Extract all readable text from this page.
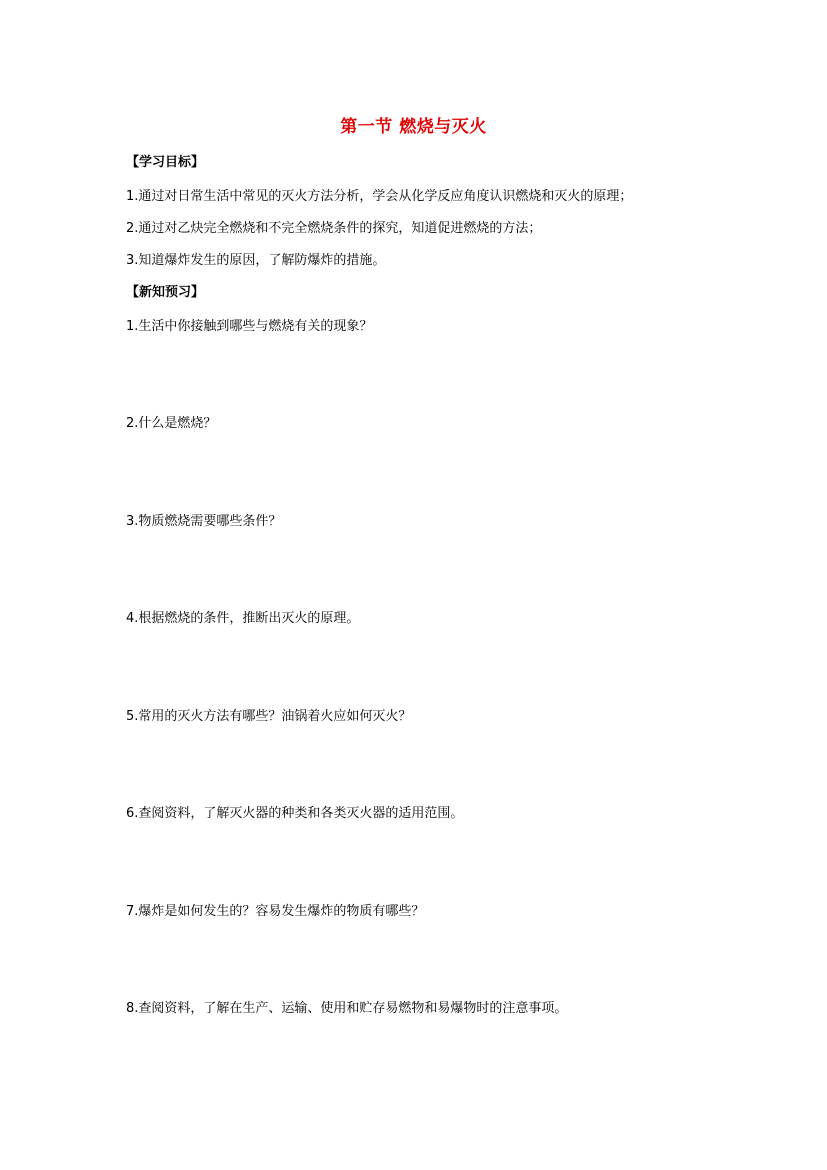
第一节 燃烧与灭火
【学习目标】
1.通过对日常生活中常见的灭火方法分析，学会从化学反应角度认识燃烧和灭火的原理；
2.通过对乙炔完全燃烧和不完全燃烧条件的探究，知道促进燃烧的方法；
3.知道爆炸发生的原因，了解防爆炸的措施。
【新知预习】
1.生活中你接触到哪些与燃烧有关的现象？
2.什么是燃烧？
3.物质燃烧需要哪些条件？
4.根据燃烧的条件，推断出灭火的原理。
5.常用的灭火方法有哪些？油锅着火应如何灭火？
6.查阅资料，了解灭火器的种类和各类灭火器的适用范围。
7.爆炸是如何发生的？容易发生爆炸的物质有哪些？
8.查阅资料，了解在生产、运输、使用和贮存易燃物和易爆物时的注意事项。
